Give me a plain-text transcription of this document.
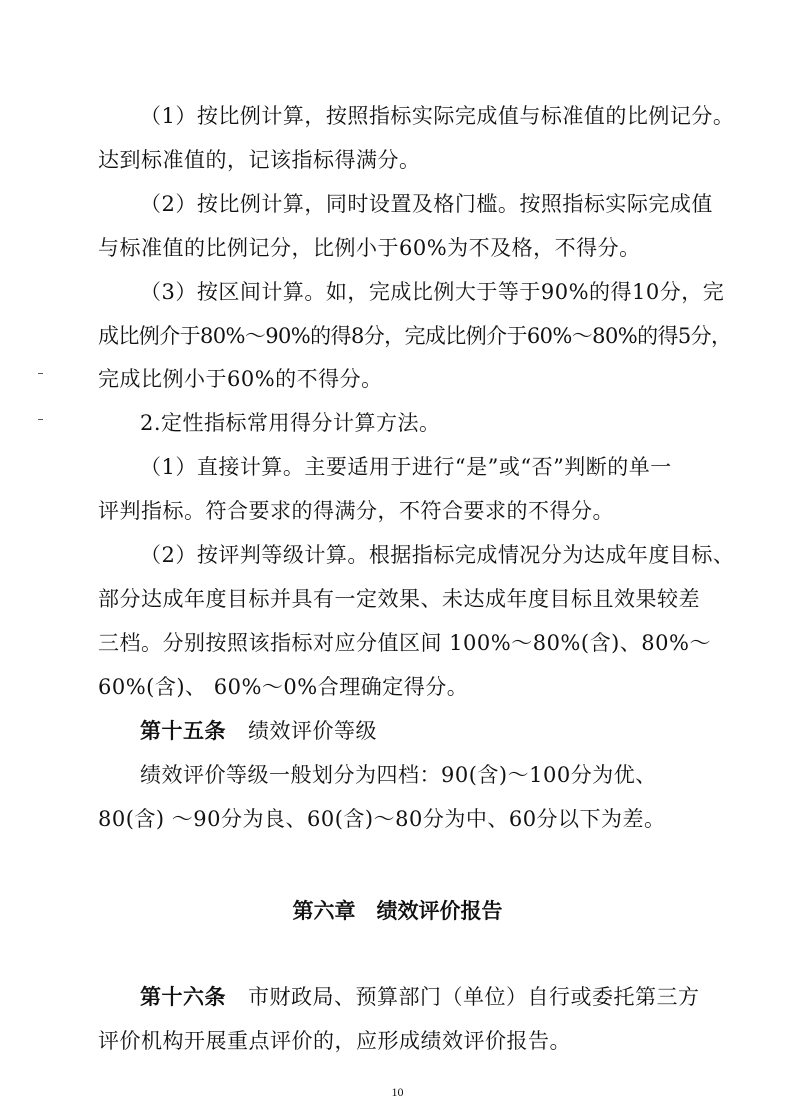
（1）按比例计算，按照指标实际完成值与标准值的比例记分。
达到标准值的，记该指标得满分。
（2）按比例计算，同时设置及格门槛。按照指标实际完成值
与标准值的比例记分，比例小于60%为不及格，不得分。
（3）按区间计算。如，完成比例大于等于90%的得10分，完
成比例介于80%～90%的得8分，完成比例介于60%～80%的得5分，
完成比例小于60%的不得分。
2.定性指标常用得分计算方法。
（1）直接计算。主要适用于进行“是”或“否”判断的单一
评判指标。符合要求的得满分，不符合要求的不得分。
（2）按评判等级计算。根据指标完成情况分为达成年度目标、
部分达成年度目标并具有一定效果、未达成年度目标且效果较差
三档。分别按照该指标对应分值区间 100%～80%(含)、80%～
60%(含)、 60%～0%合理确定得分。
第十五条 绩效评价等级
绩效评价等级一般划分为四档：90(含)～100分为优、
80(含) ～90分为良、60(含)～80分为中、60分以下为差。
第六章　绩效评价报告
第十六条 市财政局、预算部门（单位）自行或委托第三方
评价机构开展重点评价的，应形成绩效评价报告。
10
